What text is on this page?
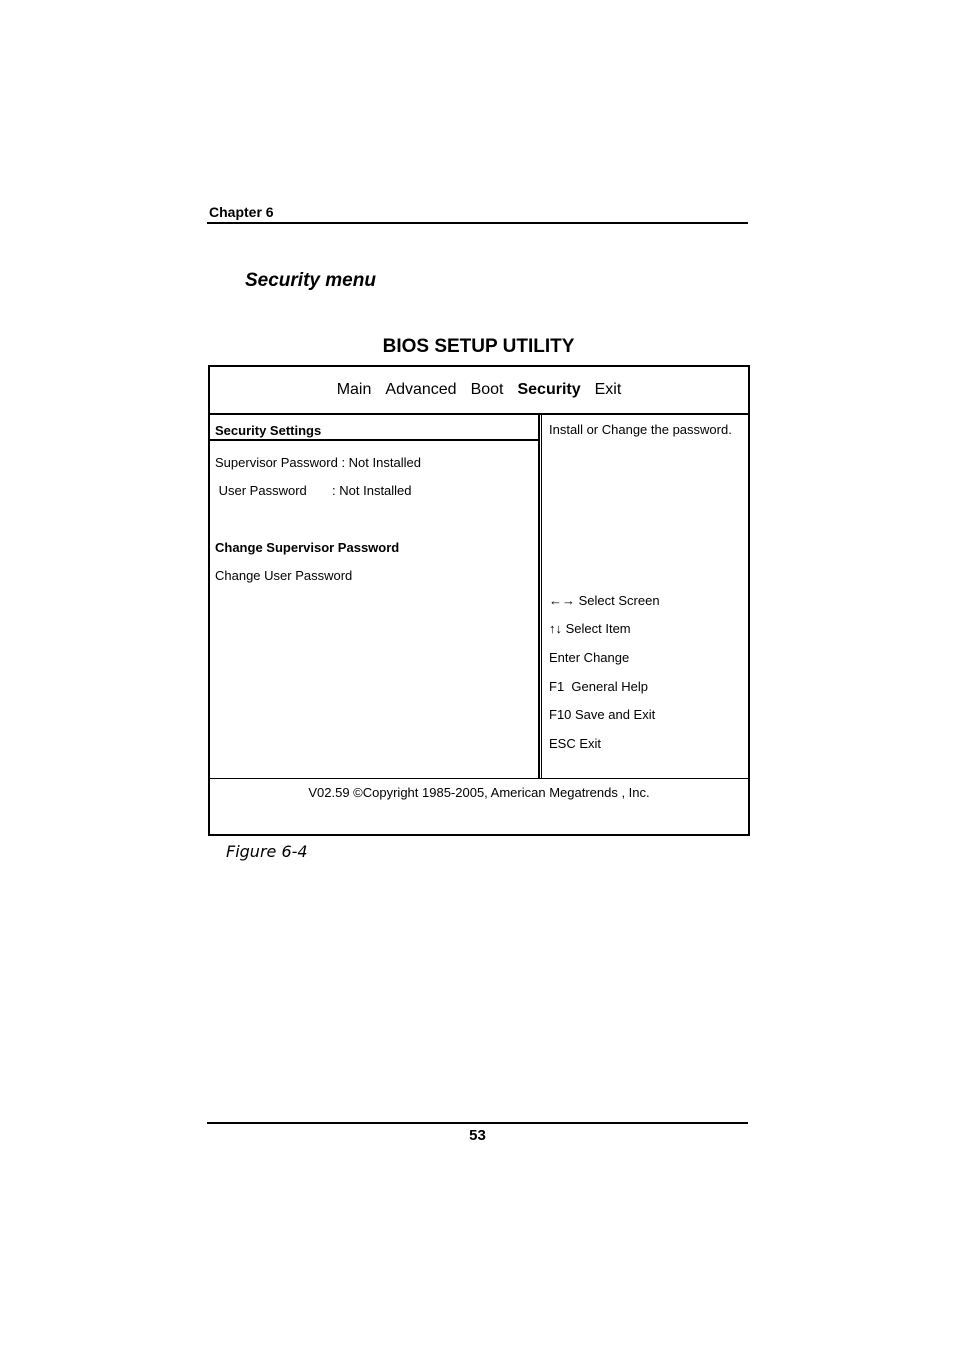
Chapter 6
Security menu
BIOS SETUP UTILITY
Main Advanced Boot Security Exit
Security Settings
Supervisor Password : Not Installed
User Password       : Not Installed
Change Supervisor Password
Change User Password
Install or Change the password.
←→ Select Screen
↑↓ Select Item
Enter Change
F1  General Help
F10 Save and Exit
ESC Exit
V02.59 ©Copyright 1985-2005, American Megatrends , Inc.
Figure 6-4
53
